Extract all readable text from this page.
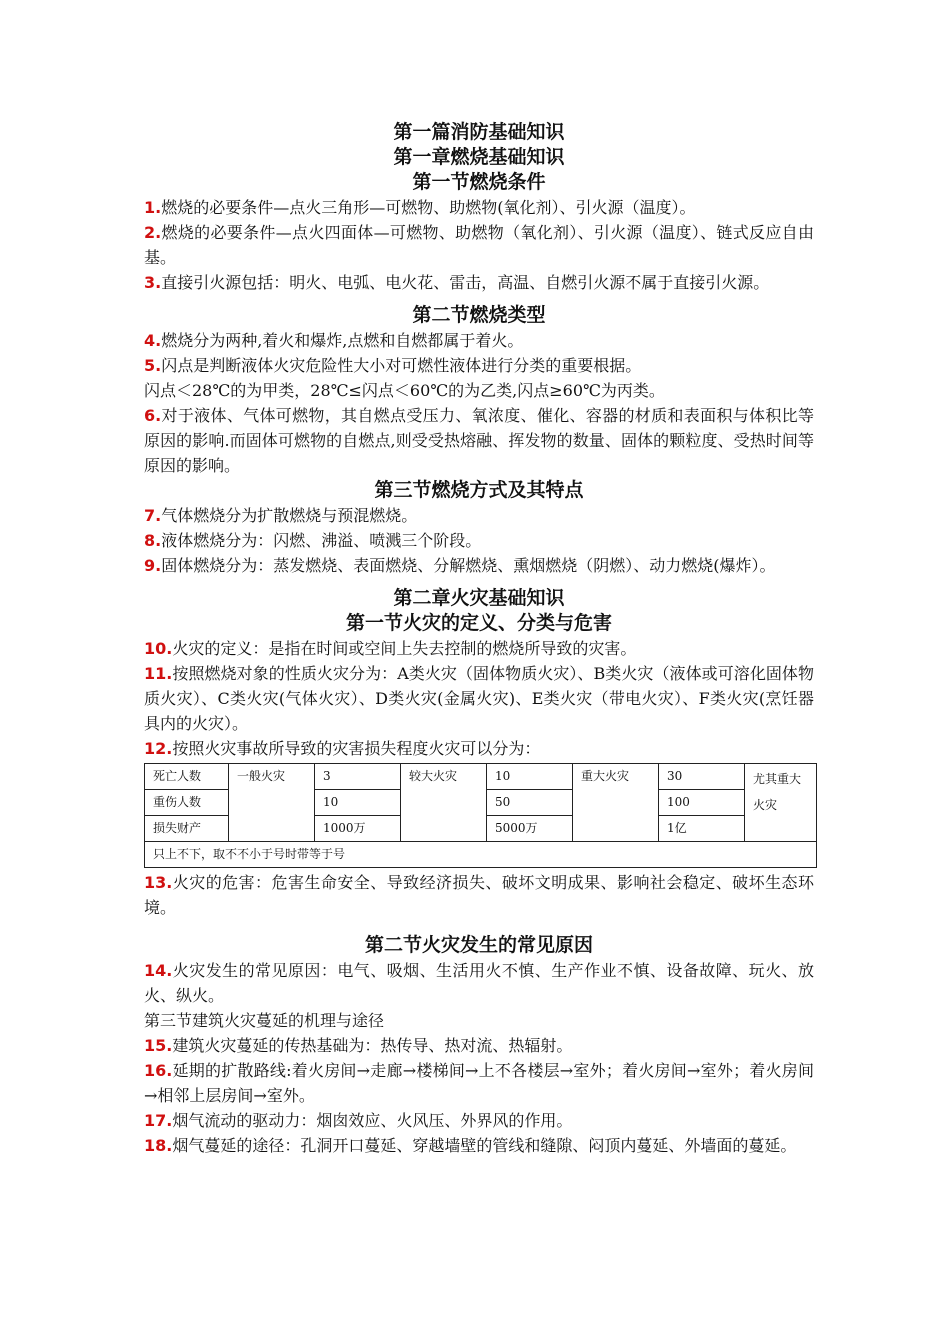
第一篇消防基础知识
第一章燃烧基础知识
第一节燃烧条件
1.燃烧的必要条件—点火三角形—可燃物、助燃物(氧化剂）、引火源（温度）。
2.燃烧的必要条件—点火四面体—可燃物、助燃物（氧化剂）、引火源（温度）、链式反应自由基。
3.直接引火源包括：明火、电弧、电火花、雷击，高温、自燃引火源不属于直接引火源。
第二节燃烧类型
4.燃烧分为两种,着火和爆炸,点燃和自燃都属于着火。
5.闪点是判断液体火灾危险性大小对可燃性液体进行分类的重要根据。
闪点＜28℃的为甲类，28℃≤闪点＜60℃的为乙类,闪点≥60℃为丙类。
6.对于液体、气体可燃物，其自燃点受压力、氧浓度、催化、容器的材质和表面积与体积比等原因的影响.而固体可燃物的自燃点,则受受热熔融、挥发物的数量、固体的颗粒度、受热时间等原因的影响。
第三节燃烧方式及其特点
7.气体燃烧分为扩散燃烧与预混燃烧。
8.液体燃烧分为：闪燃、沸溢、喷溅三个阶段。
9.固体燃烧分为：蒸发燃烧、表面燃烧、分解燃烧、熏烟燃烧（阴燃）、动力燃烧(爆炸）。
第二章火灾基础知识
第一节火灾的定义、分类与危害
10.火灾的定义：是指在时间或空间上失去控制的燃烧所导致的灾害。
11.按照燃烧对象的性质火灾分为：A类火灾（固体物质火灾）、B类火灾（液体或可溶化固体物质火灾）、C类火灾(气体火灾）、D类火灾(金属火灾)、E类火灾（带电火灾）、F类火灾(烹饪器具内的火灾）。
12.按照火灾事故所导致的灾害损失程度火灾可以分为：
死亡人数	一般火灾	3	较大火灾	10	重大火灾	30	尤其重大火灾
重伤人数		10		50		100	
损失财产		1000万		5000万		1亿	
只上不下，取不不小于号时带等于号							
13.火灾的危害：危害生命安全、导致经济损失、破坏文明成果、影响社会稳定、破坏生态环境。
第二节火灾发生的常见原因
14.火灾发生的常见原因：电气、吸烟、生活用火不慎、生产作业不慎、设备故障、玩火、放火、纵火。
第三节建筑火灾蔓延的机理与途径
15.建筑火灾蔓延的传热基础为：热传导、热对流、热辐射。
16.延期的扩散路线:着火房间→走廊→楼梯间→上不各楼层→室外；着火房间→室外；着火房间→相邻上层房间→室外。
17.烟气流动的驱动力：烟囱效应、火风压、外界风的作用。
18.烟气蔓延的途径：孔洞开口蔓延、穿越墙壁的管线和缝隙、闷顶内蔓延、外墙面的蔓延。
